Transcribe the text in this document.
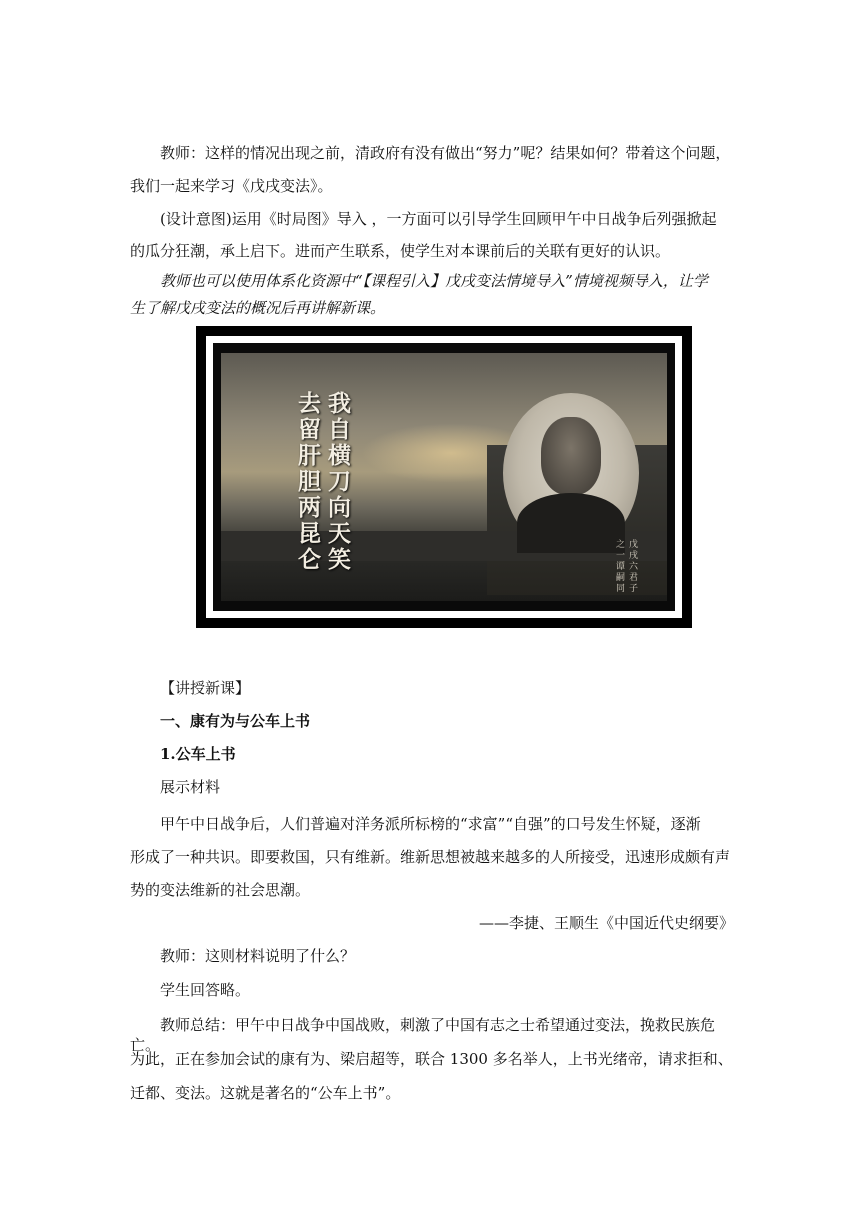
教师：这样的情况出现之前，清政府有没有做出“努力”呢？结果如何？带着这个问题，

我们一起来学习《戊戌变法》。

(设计意图)运用《时局图》导入 ，一方面可以引导学生回顾甲午中日战争后列强掀起

的瓜分狂潮，承上启下。进而产生联系，使学生对本课前后的关联有更好的认识。

教师也可以使用体系化资源中“【课程引入】戊戌变法情境导入”情境视频导入，让学

生了解戊戌变法的概况后再讲解新课。

我自横刀向天笑
去留肝胆两昆仑	戊戌六君子之一谭嗣同

【讲授新课】

一、康有为与公车上书

1.公车上书

展示材料

甲午中日战争后，人们普遍对洋务派所标榜的“求富”“自强”的口号发生怀疑，逐渐

形成了一种共识。即要救国，只有维新。维新思想被越来越多的人所接受，迅速形成颇有声

势的变法维新的社会思潮。

——李捷、王顺生《中国近代史纲要》

教师：这则材料说明了什么？

学生回答略。

教师总结：甲午中日战争中国战败，刺激了中国有志之士希望通过变法，挽救民族危亡。

为此，正在参加会试的康有为、梁启超等，联合 1300 多名举人，上书光绪帝，请求拒和、

迁都、变法。这就是著名的“公车上书”。
